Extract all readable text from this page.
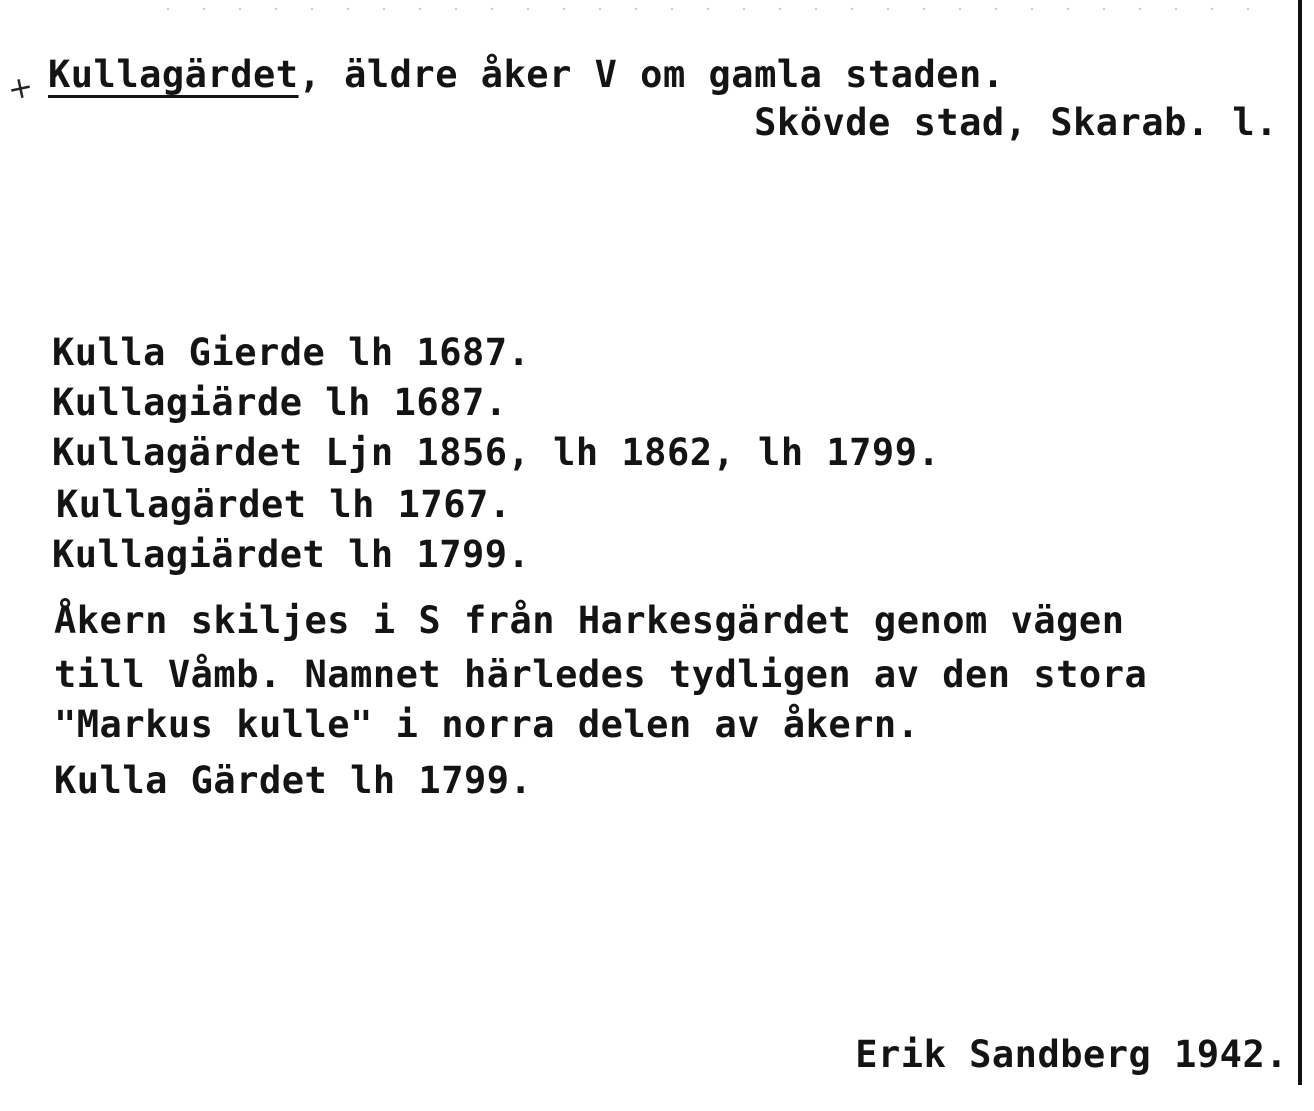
+ Kullagärdet, äldre åker V om gamla staden.
Skövde stad, Skarab. l.
Kulla Gierde lh 1687.
Kullagiärde lh 1687.
Kullagärdet Ljn 1856, lh 1862, lh 1799.
Kullagärdet lh 1767.
Kullagiärdet lh 1799.
Åkern skiljes i S från Harkesgärdet genom vägen
till Våmb. Namnet härledes tydligen av den stora
"Markus kulle" i norra delen av åkern.
Kulla Gärdet lh 1799.
Erik Sandberg 1942.
